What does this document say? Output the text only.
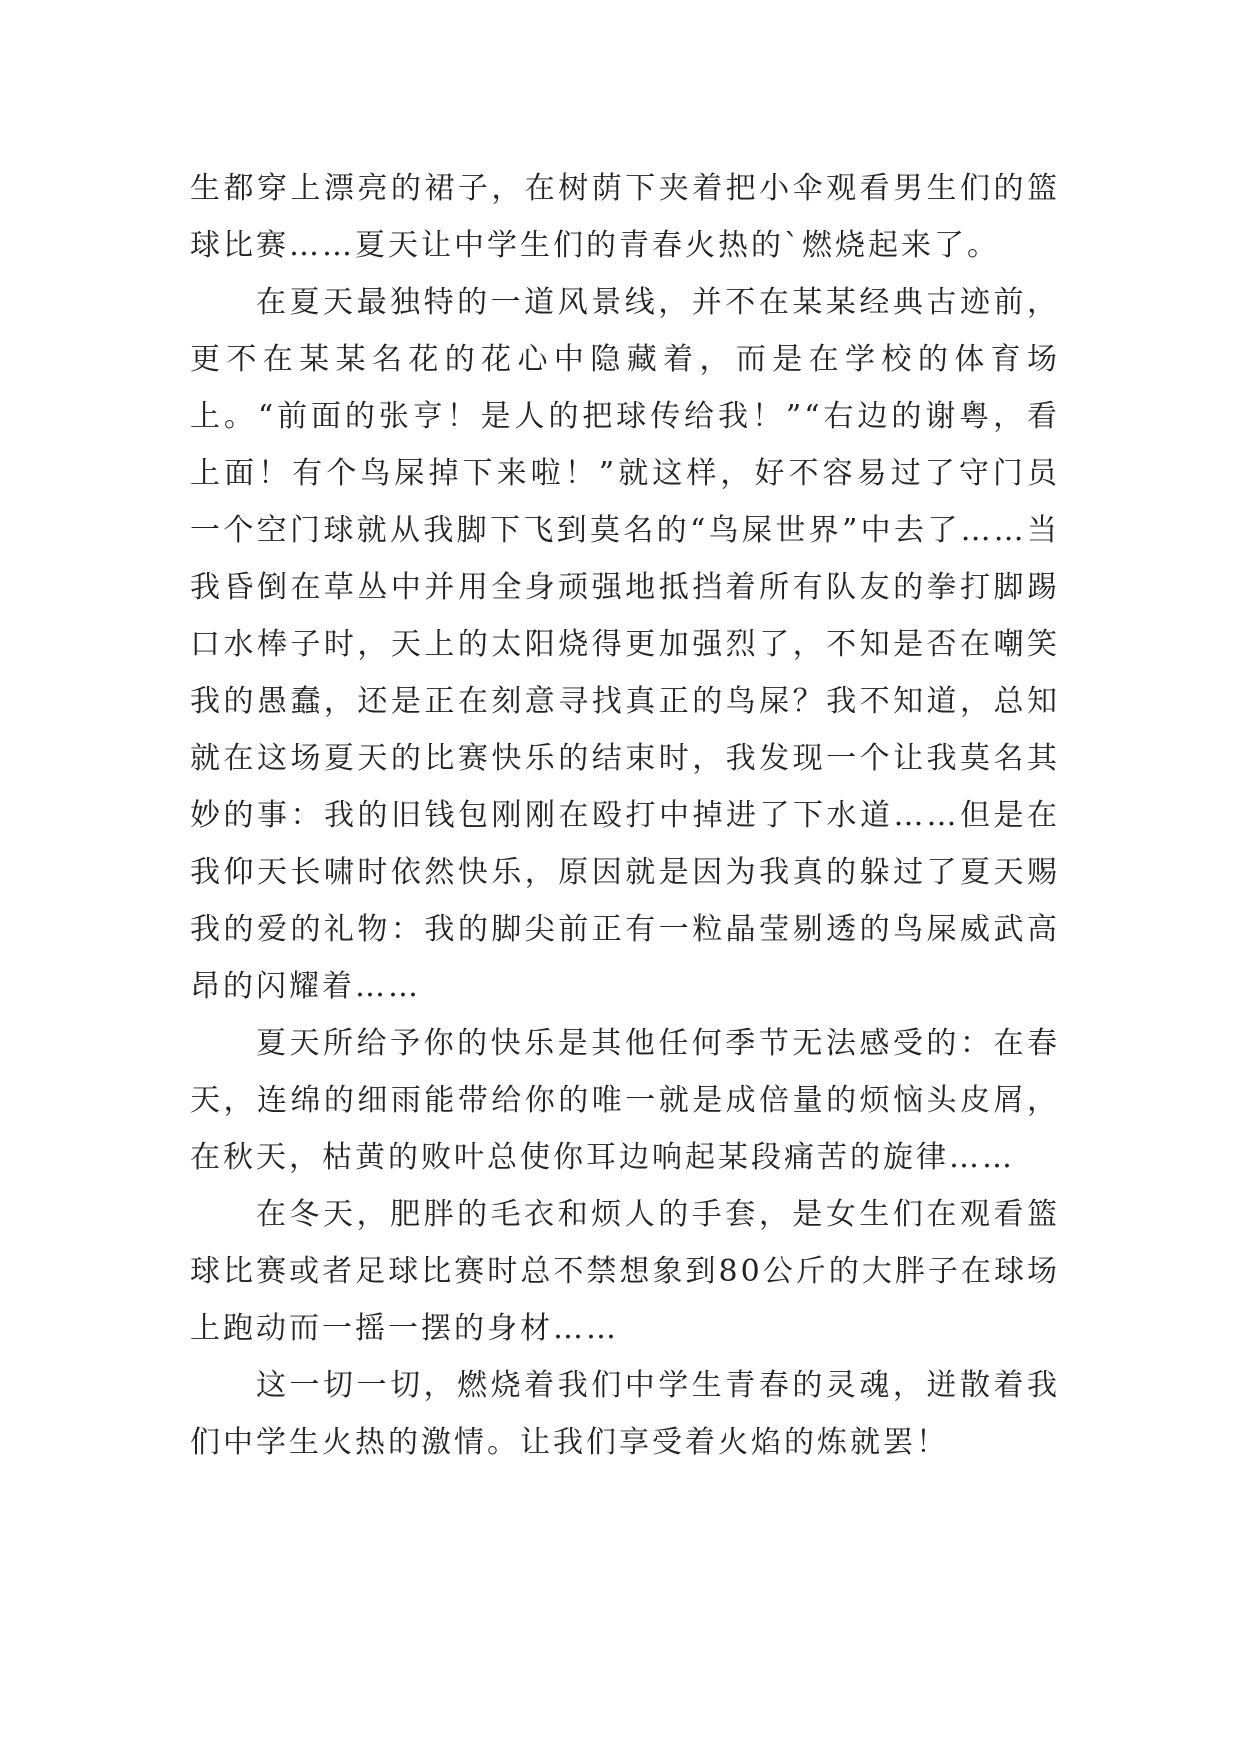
生都穿上漂亮的裙子，在树荫下夹着把小伞观看男生们的篮球比赛……夏天让中学生们的青春火热的`燃烧起来了。

在夏天最独特的一道风景线，并不在某某经典古迹前，更不在某某名花的花心中隐藏着，而是在学校的体育场上。“前面的张亨！是人的把球传给我！”“右边的谢粤，看上面！有个鸟屎掉下来啦！”就这样，好不容易过了守门员一个空门球就从我脚下飞到莫名的“鸟屎世界”中去了……当我昏倒在草丛中并用全身顽强地抵挡着所有队友的拳打脚踢口水棒子时，天上的太阳烧得更加强烈了，不知是否在嘲笑我的愚蠢，还是正在刻意寻找真正的鸟屎？我不知道，总知就在这场夏天的比赛快乐的结束时，我发现一个让我莫名其妙的事：我的旧钱包刚刚在殴打中掉进了下水道……但是在我仰天长啸时依然快乐，原因就是因为我真的躲过了夏天赐我的爱的礼物：我的脚尖前正有一粒晶莹剔透的鸟屎威武高昂的闪耀着……

夏天所给予你的快乐是其他任何季节无法感受的：在春天，连绵的细雨能带给你的唯一就是成倍量的烦恼头皮屑，在秋天，枯黄的败叶总使你耳边响起某段痛苦的旋律……

在冬天，肥胖的毛衣和烦人的手套，是女生们在观看篮球比赛或者足球比赛时总不禁想象到80公斤的大胖子在球场上跑动而一摇一摆的身材……

这一切一切，燃烧着我们中学生青春的灵魂，迸散着我们中学生火热的激情。让我们享受着火焰的炼就罢！
